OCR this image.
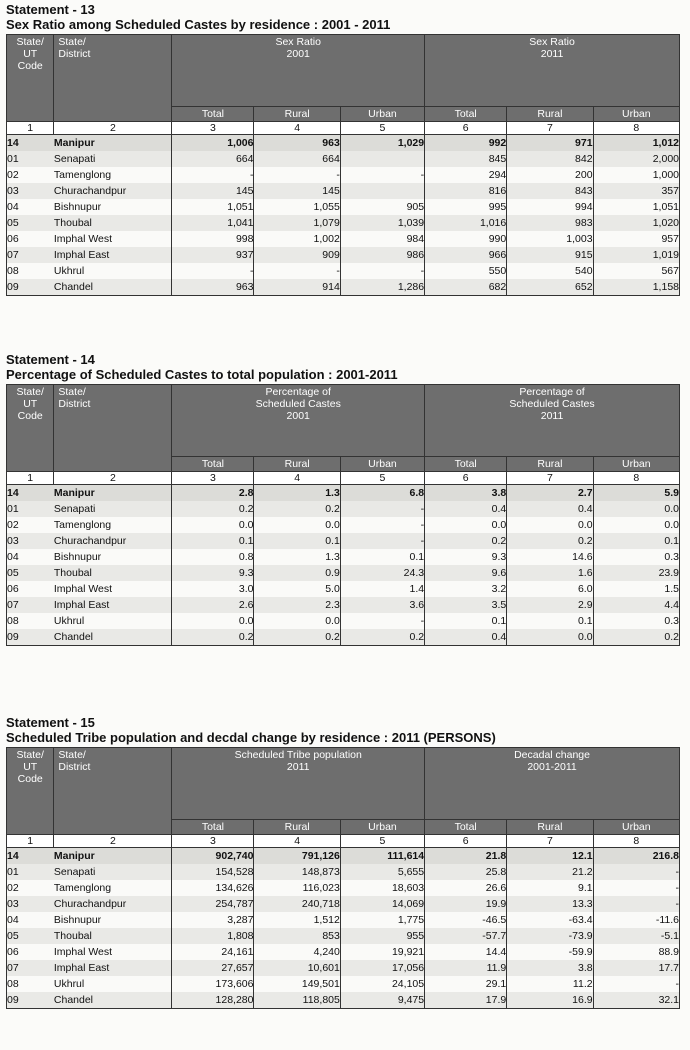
Statement - 13
Sex Ratio among Scheduled Castes by residence : 2001 - 2011
State/
UT
Code	State/
District	Sex Ratio
2001			Sex Ratio
2011		
		Total	Rural	Urban	Total	Rural	Urban
1	2	3	4	5	6	7	8
14	Manipur	1,006	963	1,029	992	971	1,012
01	Senapati	664	664		845	842	2,000
02	Tamenglong	-	-	-	294	200	1,000
03	Churachandpur	145	145		816	843	357
04	Bishnupur	1,051	1,055	905	995	994	1,051
05	Thoubal	1,041	1,079	1,039	1,016	983	1,020
06	Imphal West	998	1,002	984	990	1,003	957
07	Imphal East	937	909	986	966	915	1,019
08	Ukhrul	-	-	-	550	540	567
09	Chandel	963	914	1,286	682	652	1,158
Statement - 14
Percentage of Scheduled Castes to total population : 2001-2011
State/
UT
Code	State/
District	Percentage of
Scheduled Castes
2001			Percentage of
Scheduled Castes
2011		
		Total	Rural	Urban	Total	Rural	Urban
1	2	3	4	5	6	7	8
14	Manipur	2.8	1.3	6.8	3.8	2.7	5.9
01	Senapati	0.2	0.2	-	0.4	0.4	0.0
02	Tamenglong	0.0	0.0	-	0.0	0.0	0.0
03	Churachandpur	0.1	0.1	-	0.2	0.2	0.1
04	Bishnupur	0.8	1.3	0.1	9.3	14.6	0.3
05	Thoubal	9.3	0.9	24.3	9.6	1.6	23.9
06	Imphal West	3.0	5.0	1.4	3.2	6.0	1.5
07	Imphal East	2.6	2.3	3.6	3.5	2.9	4.4
08	Ukhrul	0.0	0.0	-	0.1	0.1	0.3
09	Chandel	0.2	0.2	0.2	0.4	0.0	0.2
Statement - 15
Scheduled Tribe population and decdal change by residence : 2011 (PERSONS)
State/
UT
Code	State/
District	Scheduled Tribe population
2011			Decadal change
2001-2011		
		Total	Rural	Urban	Total	Rural	Urban
1	2	3	4	5	6	7	8
14	Manipur	902,740	791,126	111,614	21.8	12.1	216.8
01	Senapati	154,528	148,873	5,655	25.8	21.2	-
02	Tamenglong	134,626	116,023	18,603	26.6	9.1	-
03	Churachandpur	254,787	240,718	14,069	19.9	13.3	-
04	Bishnupur	3,287	1,512	1,775	-46.5	-63.4	-11.6
05	Thoubal	1,808	853	955	-57.7	-73.9	-5.1
06	Imphal West	24,161	4,240	19,921	14.4	-59.9	88.9
07	Imphal East	27,657	10,601	17,056	11.9	3.8	17.7
08	Ukhrul	173,606	149,501	24,105	29.1	11.2	-
09	Chandel	128,280	118,805	9,475	17.9	16.9	32.1
